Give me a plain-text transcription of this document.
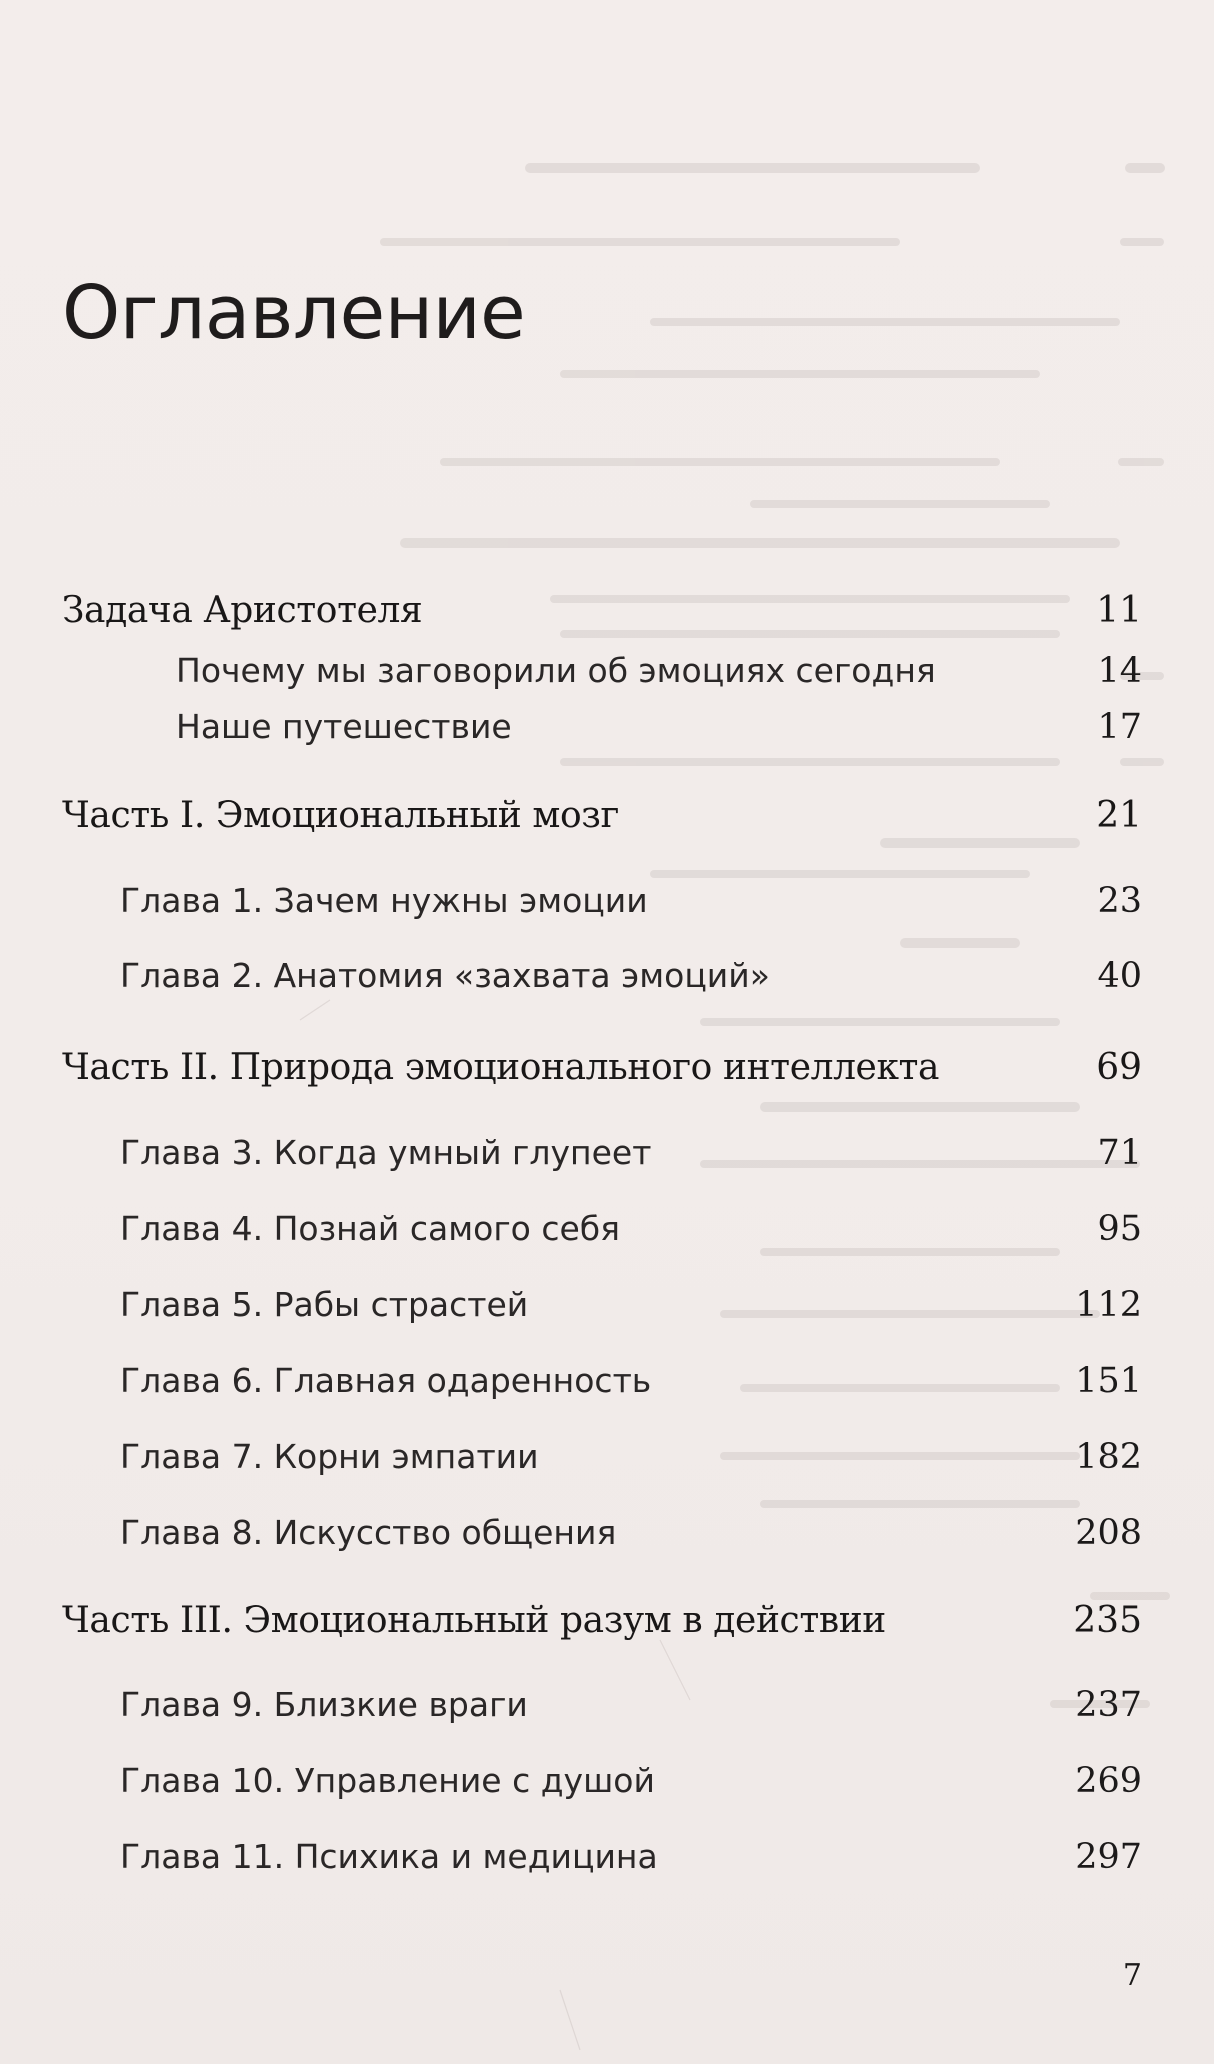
Оглавление
Задача Аристотеля	11
Почему мы заговорили об эмоциях сегодня	14
Наше путешествие	17
Часть I. Эмоциональный мозг	21
Глава 1. Зачем нужны эмоции	23
Глава 2. Анатомия «захвата эмоций»	40
Часть II. Природа эмоционального интеллекта	69
Глава 3. Когда умный глупеет	71
Глава 4. Познай самого себя	95
Глава 5. Рабы страстей	112
Глава 6. Главная одаренность	151
Глава 7. Корни эмпатии	182
Глава 8. Искусство общения	208
Часть III. Эмоциональный разум в действии	235
Глава 9. Близкие враги	237
Глава 10. Управление с душой	269
Глава 11. Психика и медицина	297
7
